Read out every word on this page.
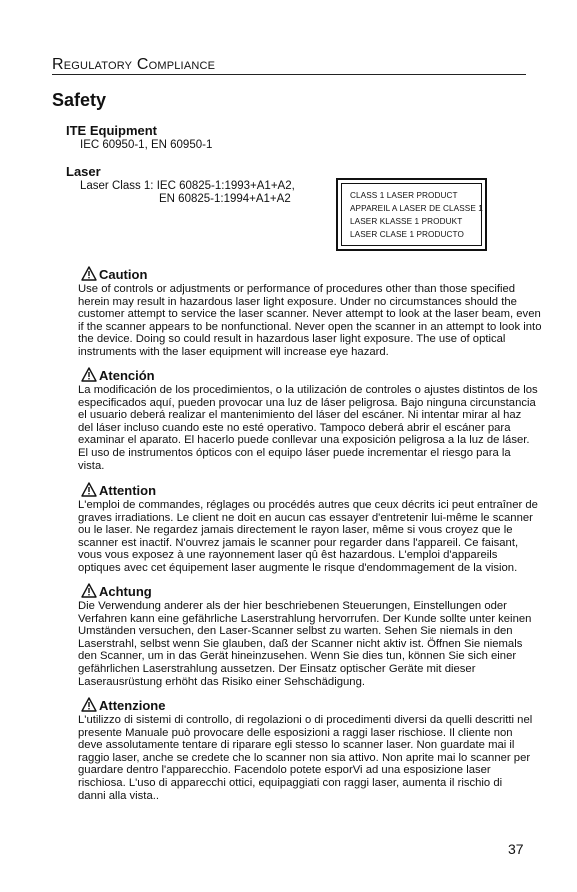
Regulatory Compliance
Safety
ITE Equipment
IEC 60950-1, EN 60950-1
Laser
Laser Class 1: IEC 60825-1:1993+A1+A2,
EN 60825-1:1994+A1+A2	CLASS 1 LASER PRODUCT
APPAREIL A LASER DE CLASSE 1
LASER KLASSE 1 PRODUKT
LASER CLASE 1 PRODUCTO
Caution
Use of controls or adjustments or performance of procedures other than those specified
herein may result in hazardous laser light exposure. Under no circumstances should the
customer attempt to service the laser scanner. Never attempt to look at the laser beam, even
if the scanner appears to be nonfunctional. Never open the scanner in an attempt to look into
the device. Doing so could result in hazardous laser light exposure. The use of optical
instruments with the laser equipment will increase eye hazard.
Atención
La modificación de los procedimientos, o la utilización de controles o ajustes distintos de los
especificados aquí, pueden provocar una luz de láser peligrosa. Bajo ninguna circunstancia
el usuario deberá realizar el mantenimiento del láser del escáner. Ni intentar mirar al haz
del láser incluso cuando este no esté operativo. Tampoco deberá abrir el escáner para
examinar el aparato. El hacerlo puede conllevar una exposición peligrosa a la luz de láser.
El uso de instrumentos ópticos con el equipo láser puede incrementar el riesgo para la
vista.
Attention
L'emploi de commandes, réglages ou procédés autres que ceux décrits ici peut entraîner de
graves irradiations. Le client ne doit en aucun cas essayer d'entretenir lui-même le scanner
ou le laser. Ne regardez jamais directement le rayon laser, même si vous croyez que le
scanner est inactif. N'ouvrez jamais le scanner pour regarder dans l'appareil. Ce faisant,
vous vous exposez à une rayonnement laser qû êst hazardous. L'emploi d'appareils
optiques avec cet équipement laser augmente le risque d'endommagement de la vision.
Achtung
Die Verwendung anderer als der hier beschriebenen Steuerungen, Einstellungen oder
Verfahren kann eine gefährliche Laserstrahlung hervorrufen. Der Kunde sollte unter keinen
Umständen versuchen, den Laser-Scanner selbst zu warten. Sehen Sie niemals in den
Laserstrahl, selbst wenn Sie glauben, daß der Scanner nicht aktiv ist. Öffnen Sie niemals
den Scanner, um in das Gerät hineinzusehen. Wenn Sie dies tun, können Sie sich einer
gefährlichen Laserstrahlung aussetzen. Der Einsatz optischer Geräte mit dieser
Laserausrüstung erhöht das Risiko einer Sehschädigung.
Attenzione
L'utilizzo di sistemi di controllo, di regolazioni o di procedimenti diversi da quelli descritti nel
presente Manuale può provocare delle esposizioni a raggi laser rischiose. Il cliente non
deve assolutamente tentare di riparare egli stesso lo scanner laser. Non guardate mai il
raggio laser, anche se credete che lo scanner non sia attivo. Non aprite mai lo scanner per
guardare dentro l'apparecchio. Facendolo potete esporVi ad una esposizione laser
rischiosa. L'uso di apparecchi ottici, equipaggiati con raggi laser, aumenta il rischio di
danni alla vista..
37
